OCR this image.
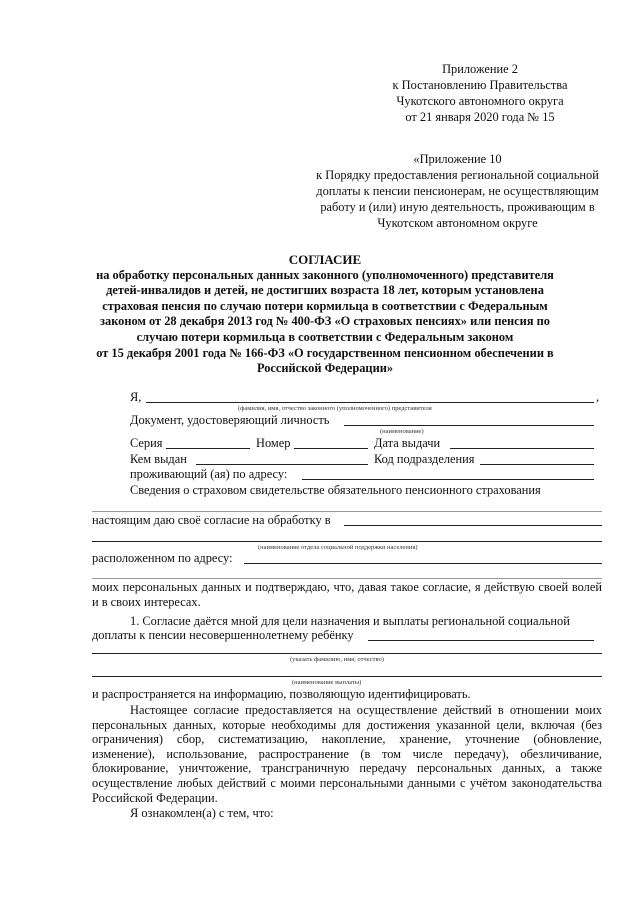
Приложение 2
к Постановлению Правительства
Чукотского автономного округа
от 21 января 2020 года № 15
«Приложение 10
к Порядку предоставления региональной социальной
доплаты к пенсии пенсионерам, не осуществляющим
работу и (или) иную деятельность, проживающим в
Чукотском автономном округе
СОГЛАСИЕ
на обработку персональных данных законного (уполномоченного) представителя
детей-инвалидов и детей, не достигших возраста 18 лет, которым установлена
страховая пенсия по случаю потери кормильца в соответствии с Федеральным
законом от 28 декабря 2013 год № 400-ФЗ «О страховых пенсиях» или пенсия по
случаю потери кормильца в соответствии с Федеральным законом
от 15 декабря 2001 года № 166-ФЗ «О государственном пенсионном обеспечении в
Российской Федерации»
Я,	,
(фамилия, имя, отчество законного (уполномоченного) представителя
Документ, удостоверяющий личность
(наименование)
Серия	Номер	Дата выдачи
Кем выдан	Код подразделения
проживающий (ая) по адресу:
Сведения о страховом свидетельстве обязательного пенсионного страхования
настоящим даю своё согласие на обработку в
(наименование отдела социальной поддержки населения)
расположенном по адресу:
моих персональных данных и подтверждаю, что, давая такое согласие, я действую своей волей и в своих интересах.
1. Согласие даётся мной для цели назначения и выплаты региональной социальной
доплаты к пенсии несовершеннолетнему ребёнку
(указать фамилию, имя, отчество)
(наименование выплаты)
и распространяется на информацию, позволяющую идентифицировать.
Настоящее согласие предоставляется на осуществление действий в отношении моих персональных данных, которые необходимы для достижения указанной цели, включая (без ограничения) сбор, систематизацию, накопление, хранение, уточнение (обновление, изменение), использование, распространение (в том числе передачу), обезличивание, блокирование, уничтожение, трансграничную передачу персональных данных, а также осуществление любых действий с моими персональными данными с учётом законодательства Российской Федерации.
Я ознакомлен(а) с тем, что:
